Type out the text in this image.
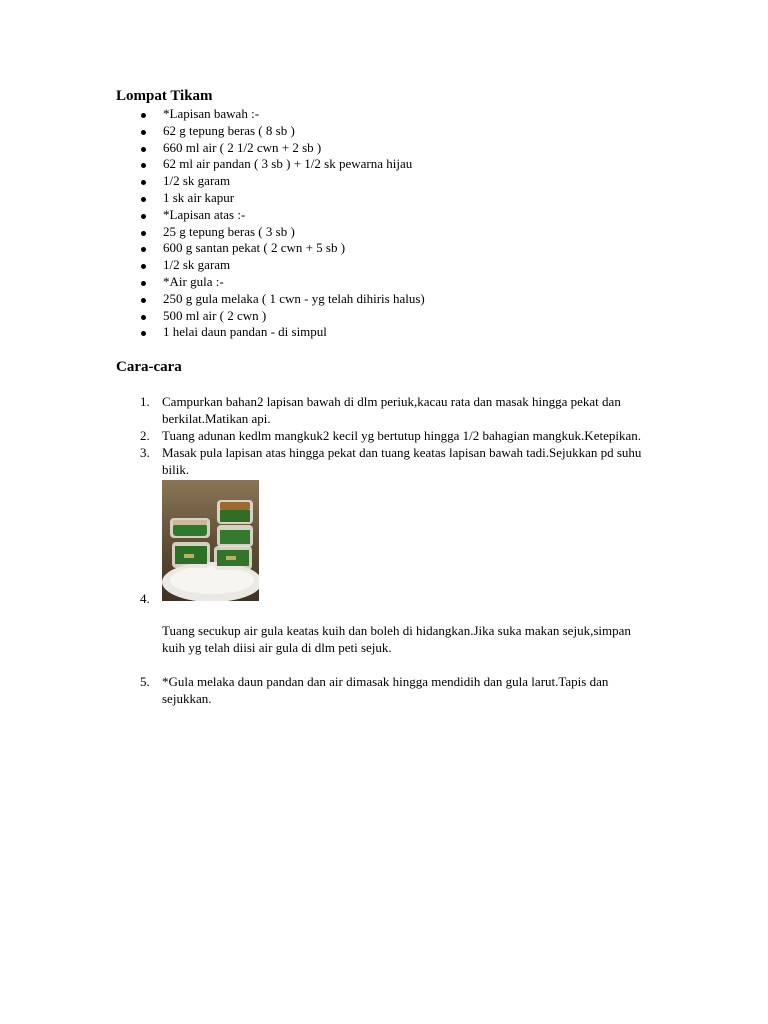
Lompat Tikam
*Lapisan bawah :-
62 g tepung beras ( 8 sb )
660 ml air ( 2 1/2 cwn + 2 sb )
62 ml air pandan ( 3 sb ) + 1/2 sk pewarna hijau
1/2 sk garam
1 sk air kapur
*Lapisan atas :-
25 g tepung beras ( 3 sb )
600 g santan pekat ( 2 cwn + 5 sb )
1/2 sk garam
*Air gula :-
250 g gula melaka ( 1 cwn - yg telah dihiris halus)
500 ml air ( 2 cwn )
1 helai daun pandan - di simpul
Cara-cara
1. Campurkan bahan2 lapisan bawah di dlm periuk,kacau rata dan masak hingga pekat dan berkilat.Matikan api.
2. Tuang adunan kedlm mangkuk2 kecil yg bertutup hingga 1/2 bahagian mangkuk.Ketepikan.
3. Masak pula lapisan atas hingga pekat dan tuang keatas lapisan bawah tadi.Sejukkan pd suhu bilik.
4.
Tuang secukup air gula keatas kuih dan boleh di hidangkan.Jika suka makan sejuk,simpan kuih yg telah diisi air gula di dlm peti sejuk.
5. *Gula melaka daun pandan dan air dimasak hingga mendidih dan gula larut.Tapis dan sejukkan.
